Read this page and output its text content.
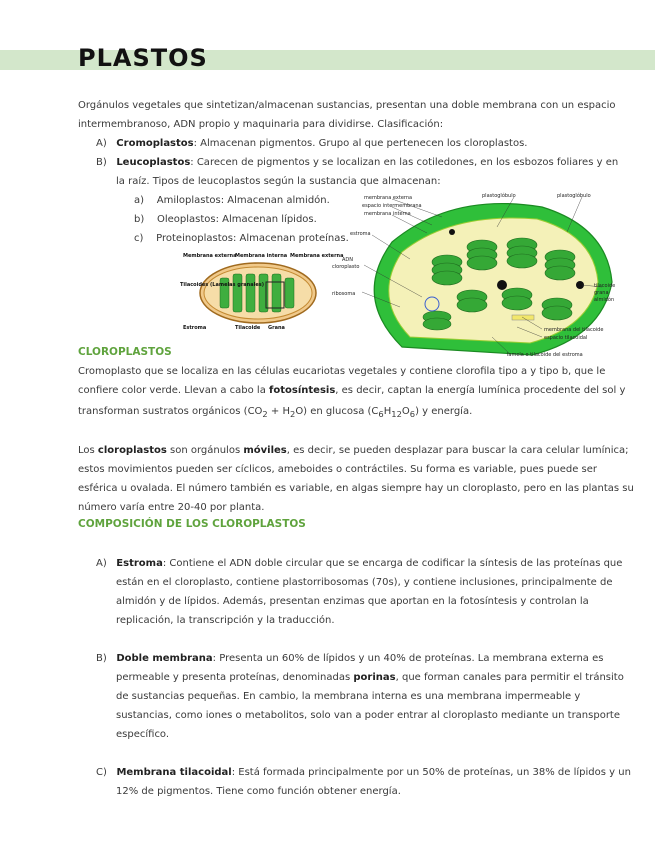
PLASTOS

Orgánulos vegetales que sintetizan/almacenan sustancias, presentan una doble membrana con un espacio

intermembranoso, ADN propio y maquinaria para dividirse. Clasificación:

A) Cromoplastos: Almacenan pigmentos. Grupo al que pertenecen los cloroplastos.

B) Leucoplastos: Carecen de pigmentos y se localizan en las cotiledones, en los esbozos foliares y en

la raíz. Tipos de leucoplastos según la sustancia que almacenan:

a) Amiloplastos: Almacenan almidón.

b) Oleoplastos: Almacenan lípidos.

c) Proteinoplastos: Almacenan proteínas.

Membrana externa
Membrana interna Membrana externa
Tilacoides (Lamelas granales)
Estroma	Tilacoide Grana
membrana externa
espacio intermembrana
membrana interna
estroma
ADN
cloroplasto
ribosoma
plastoglóbulo	plastoglóbulo
tilacoide
grana
almidón
membrana del tilacoide
espacio tilacoidal
lamela o tilacoide del estroma

CLOROPLASTOS

Cromoplasto que se localiza en las células eucariotas vegetales y contiene clorofila tipo a y tipo b, que le

confiere color verde. Llevan a cabo la fotosíntesis, es decir, captan la energía lumínica procedente del sol y

transforman sustratos orgánicos $(CO_2 + H_2O)$ en glucosa $(C_6H_{12}O_6)$ y energía.

Los cloroplastos son orgánulos móviles, es decir, se pueden desplazar para buscar la cara celular lumínica;

estos movimientos pueden ser cíclicos, ameboides o contráctiles. Su forma es variable, pues puede ser

esférica u ovalada. El número también es variable, en algas siempre hay un cloroplasto, pero en las plantas su

número varía entre 20-40 por planta.

COMPOSICIÓN DE LOS CLOROPLASTOS

A) Estroma: Contiene el ADN doble circular que se encarga de codificar la síntesis de las proteínas que

están en el cloroplasto, contiene plastorribosomas (70s), y contiene inclusiones, principalmente de

almidón y de lípidos. Además, presentan enzimas que aportan en la fotosíntesis y controlan la

replicación, la transcripción y la traducción.

B) Doble membrana: Presenta un 60% de lípidos y un 40% de proteínas. La membrana externa es

permeable y presenta proteínas, denominadas porinas, que forman canales para permitir el tránsito

de sustancias pequeñas. En cambio, la membrana interna es una membrana impermeable y

sustancias, como iones o metabolitos, solo van a poder entrar al cloroplasto mediante un transporte

específico.

C) Membrana tilacoidal: Está formada principalmente por un 50% de proteínas, un 38% de lípidos y un

12% de pigmentos. Tiene como función obtener energía.
